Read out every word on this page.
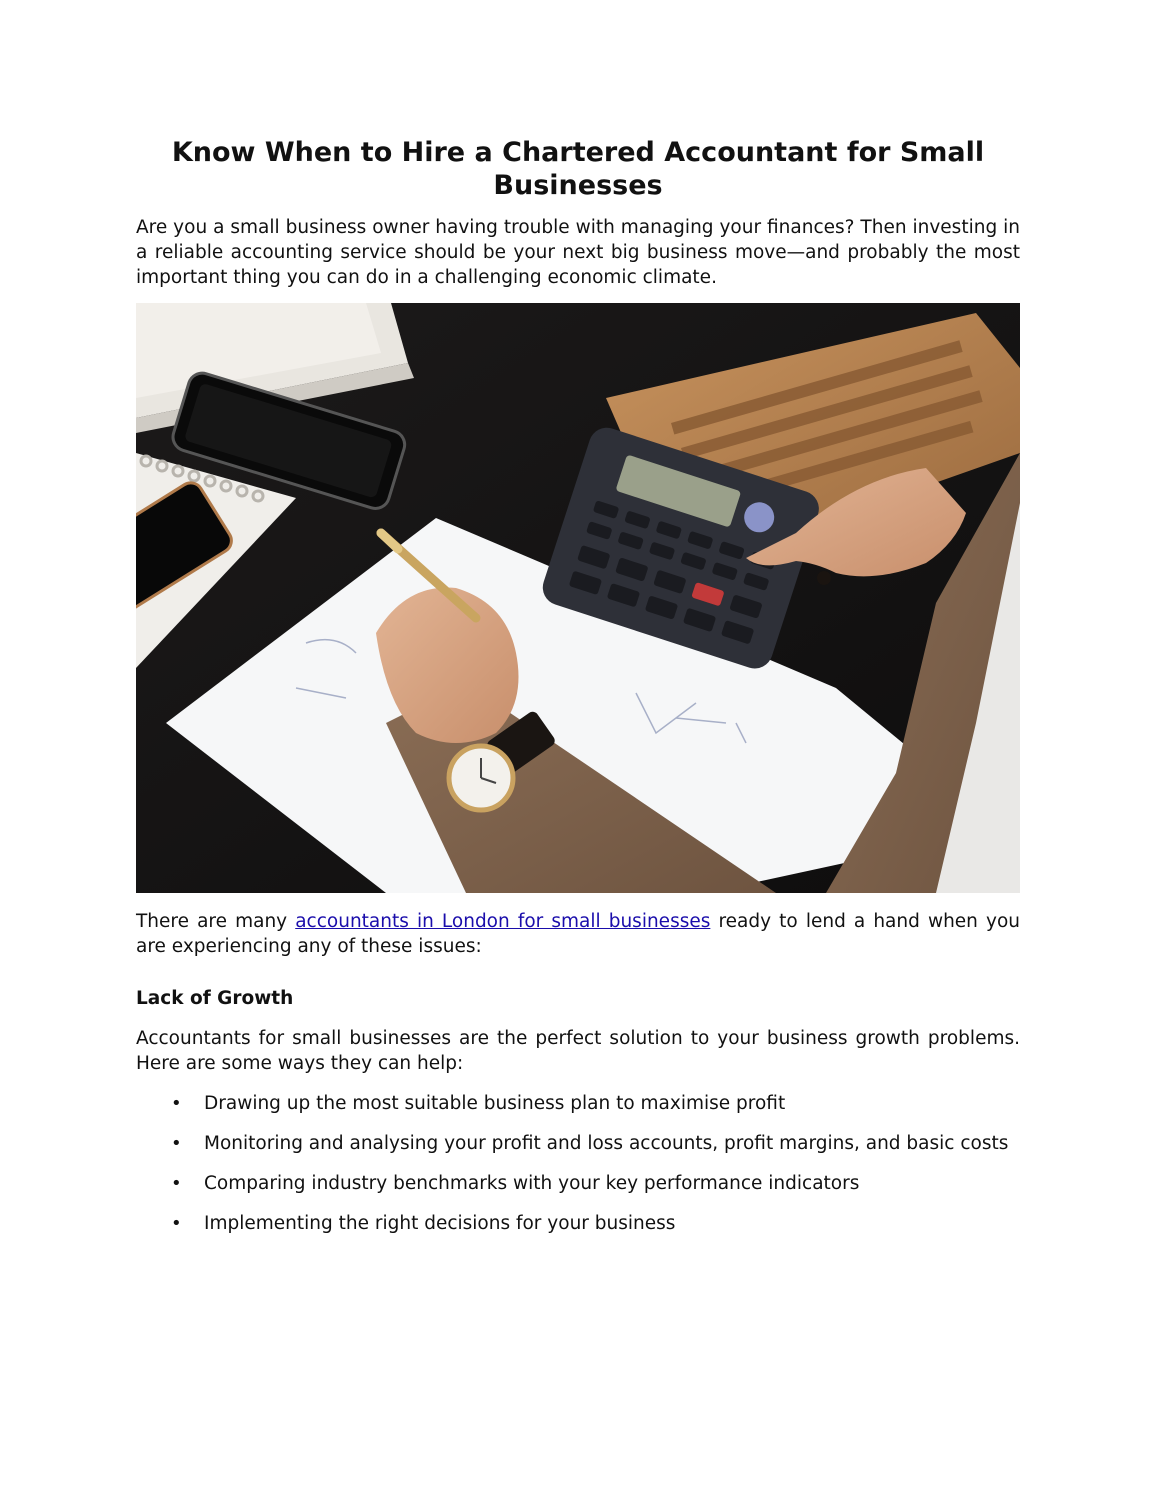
Know When to Hire a Chartered Accountant for Small Businesses

Are you a small business owner having trouble with managing your finances? Then investing in a reliable accounting service should be your next big business move—and probably the most important thing you can do in a challenging economic climate.

There are many accountants in London for small businesses ready to lend a hand when you are experiencing any of these issues:

Lack of Growth

Accountants for small businesses are the perfect solution to your business growth problems. Here are some ways they can help:

• Drawing up the most suitable business plan to maximise profit
• Monitoring and analysing your profit and loss accounts, profit margins, and basic costs
• Comparing industry benchmarks with your key performance indicators
• Implementing the right decisions for your business
